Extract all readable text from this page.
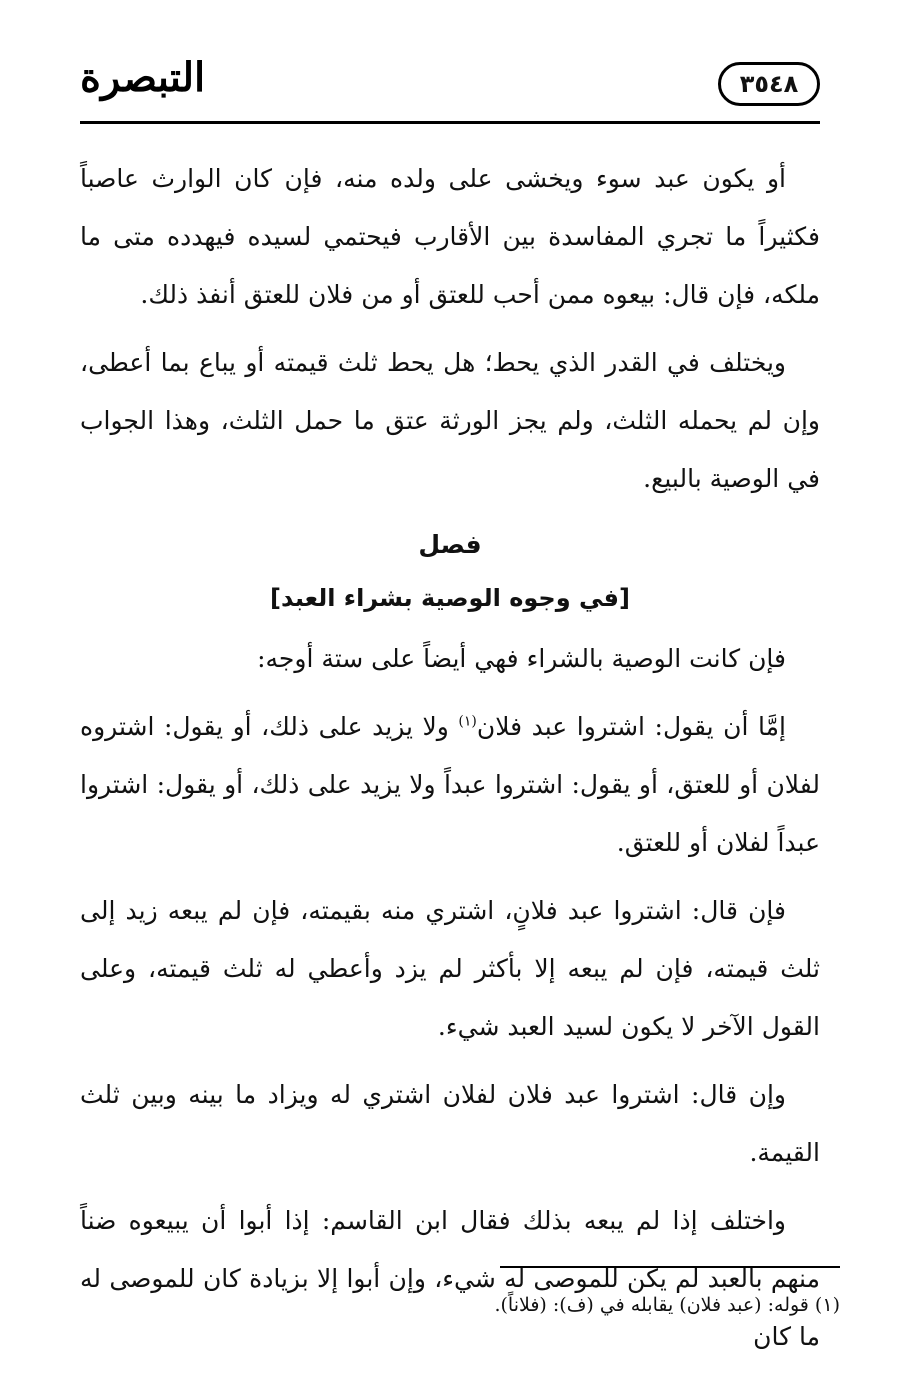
التبصرة	٣٥٤٨

أو يكون عبد سوء ويخشى على ولده منه، فإن كان الوارث عاصباً فكثيراً ما تجري المفاسدة بين الأقارب فيحتمي لسيده فيهدده متى ما ملكه، فإن قال: بيعوه ممن أحب للعتق أو من فلان للعتق أنفذ ذلك.

ويختلف في القدر الذي يحط؛ هل يحط ثلث قيمته أو يباع بما أعطى، وإن لم يحمله الثلث، ولم يجز الورثة عتق ما حمل الثلث، وهذا الجواب في الوصية بالبيع.

فصل
[في وجوه الوصية بشراء العبد]

فإن كانت الوصية بالشراء فهي أيضاً على ستة أوجه:

إمَّا أن يقول: اشتروا عبد فلان$^{(١)}$ ولا يزيد على ذلك، أو يقول: اشتروه لفلان أو للعتق، أو يقول: اشتروا عبداً ولا يزيد على ذلك، أو يقول: اشتروا عبداً لفلان أو للعتق.

فإن قال: اشتروا عبد فلانٍ، اشتري منه بقيمته، فإن لم يبعه زيد إلى ثلث قيمته، فإن لم يبعه إلا بأكثر لم يزد وأعطي له ثلث قيمته، وعلى القول الآخر لا يكون لسيد العبد شيء.

وإن قال: اشتروا عبد فلان لفلان اشتري له ويزاد ما بينه وبين ثلث القيمة.

واختلف إذا لم يبعه بذلك فقال ابن القاسم: إذا أبوا أن يبيعوه ضناً منهم بالعبد لم يكن للموصى له شيء، وإن أبوا إلا بزيادة كان للموصى له ما كان

(١) قوله: (عبد فلان) يقابله في (ف): (فلاناً).
